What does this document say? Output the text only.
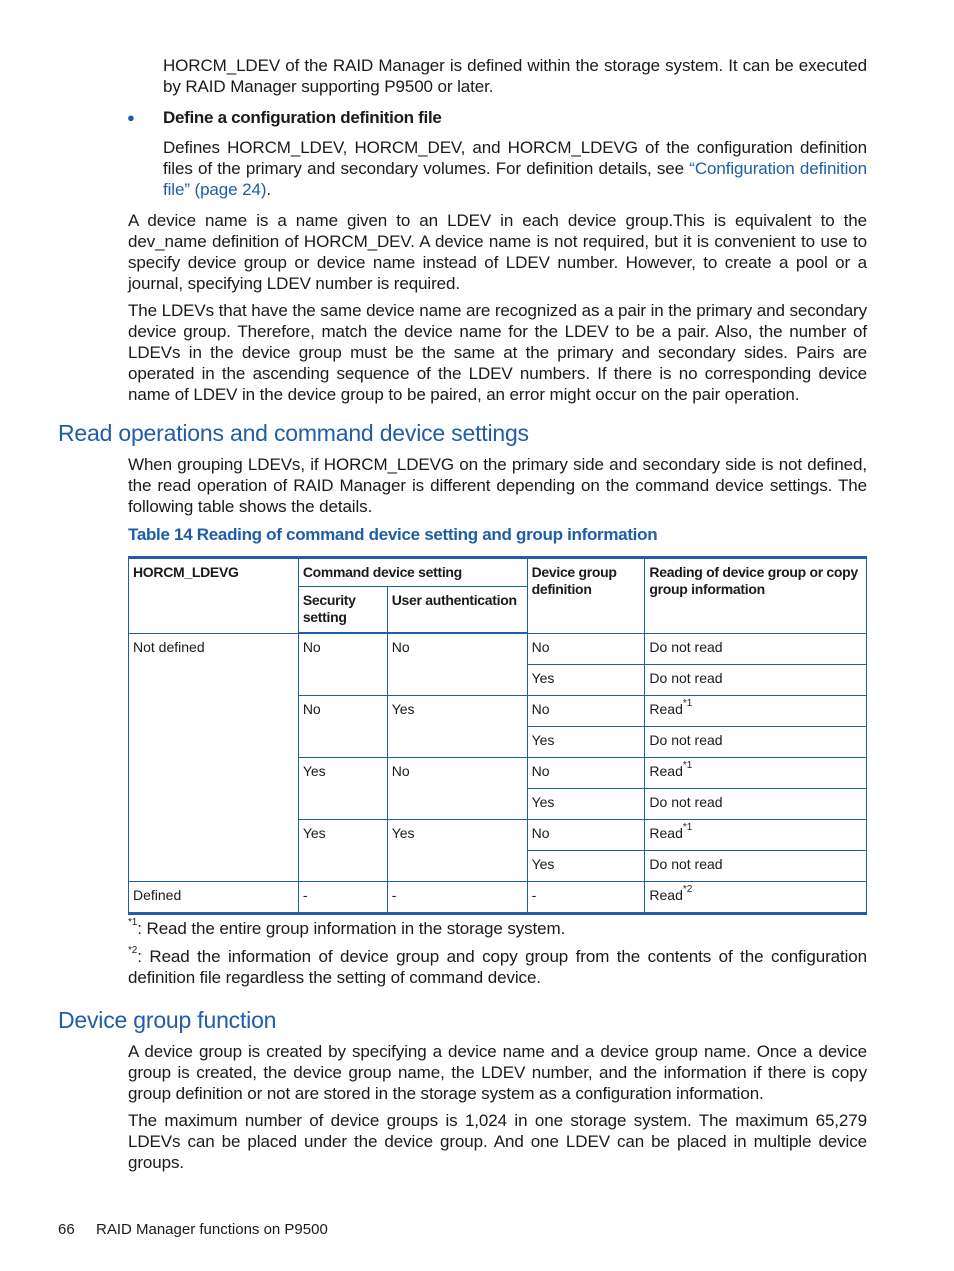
HORCM_LDEV of the RAID Manager is defined within the storage system. It can be executed by RAID Manager supporting P9500 or later.

● Define a configuration definition file

Defines HORCM_LDEV, HORCM_DEV, and HORCM_LDEVG of the configuration definition files of the primary and secondary volumes. For definition details, see “Configuration definition file” (page 24).

A device name is a name given to an LDEV in each device group.This is equivalent to the dev_name definition of HORCM_DEV. A device name is not required, but it is convenient to use to specify device group or device name instead of LDEV number. However, to create a pool or a journal, specifying LDEV number is required.

The LDEVs that have the same device name are recognized as a pair in the primary and secondary device group. Therefore, match the device name for the LDEV to be a pair. Also, the number of LDEVs in the device group must be the same at the primary and secondary sides. Pairs are operated in the ascending sequence of the LDEV numbers. If there is no corresponding device name of LDEV in the device group to be paired, an error might occur on the pair operation.

Read operations and command device settings

When grouping LDEVs, if HORCM_LDEVG on the primary side and secondary side is not defined, the read operation of RAID Manager is different depending on the command device settings. The following table shows the details.

Table 14 Reading of command device setting and group information
HORCM_LDEVG	Command device setting		Device group definition	Reading of device group or copy group information
	Security setting	User authentication		
Not defined	No	No	No	Do not read
			Yes	Do not read
	No	Yes	No	Read$^{*1}$
			Yes	Do not read
	Yes	No	No	Read$^{*1}$
			Yes	Do not read
	Yes	Yes	No	Read$^{*1}$
			Yes	Do not read
Defined	-	-	-	Read$^{*2}$

$^{*1}$: Read the entire group information in the storage system.

$^{*2}$: Read the information of device group and copy group from the contents of the configuration definition file regardless the setting of command device.

Device group function

A device group is created by specifying a device name and a device group name. Once a device group is created, the device group name, the LDEV number, and the information if there is copy group definition or not are stored in the storage system as a configuration information.

The maximum number of device groups is 1,024 in one storage system. The maximum 65,279 LDEVs can be placed under the device group. And one LDEV can be placed in multiple device groups.

66 RAID Manager functions on P9500
